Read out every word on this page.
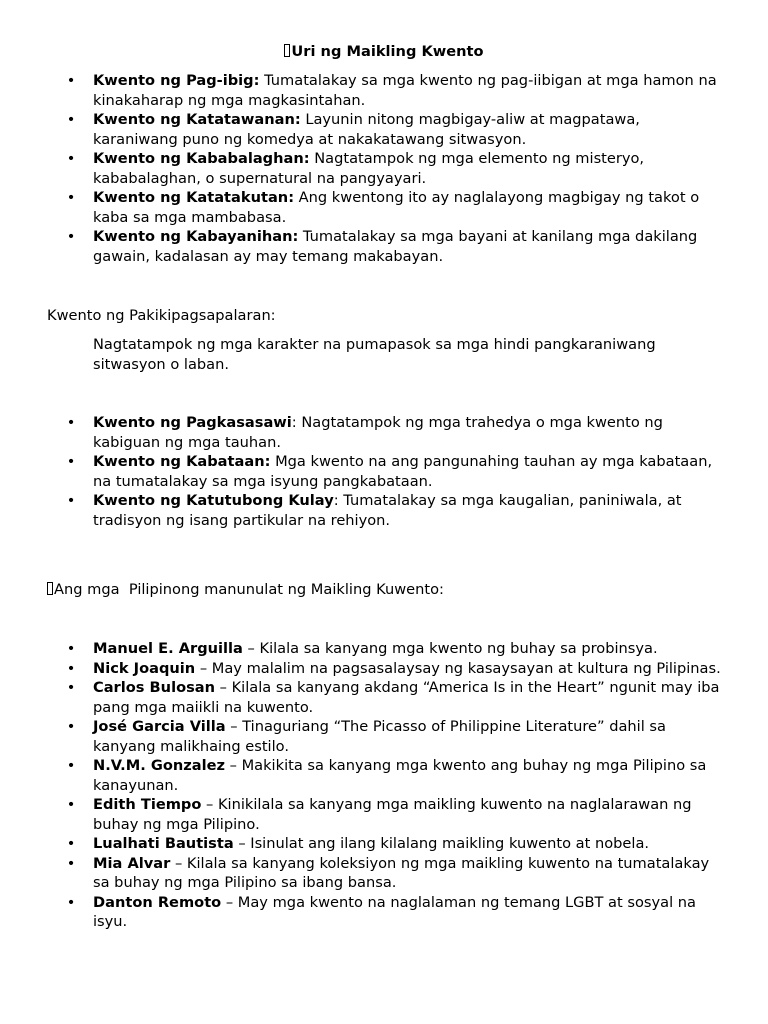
Uri ng Maikling Kwento
• Kwento ng Pag-ibig: Tumatalakay sa mga kwento ng pag-iibigan at mga hamon na kinakaharap ng mga magkasintahan.
• Kwento ng Katatawanan: Layunin nitong magbigay-aliw at magpatawa, karaniwang puno ng komedya at nakakatawang sitwasyon.
• Kwento ng Kababalaghan: Nagtatampok ng mga elemento ng misteryo, kababalaghan, o supernatural na pangyayari.
• Kwento ng Katatakutan: Ang kwentong ito ay naglalayong magbigay ng takot o kaba sa mga mambabasa.
• Kwento ng Kabayanihan: Tumatalakay sa mga bayani at kanilang mga dakilang gawain, kadalasan ay may temang makabayan.
Kwento ng Pakikipagsapalaran:
Nagtatampok ng mga karakter na pumapasok sa mga hindi pangkaraniwang sitwasyon o laban.
• Kwento ng Pagkasasawi: Nagtatampok ng mga trahedya o mga kwento ng kabiguan ng mga tauhan.
• Kwento ng Kabataan: Mga kwento na ang pangunahing tauhan ay mga kabataan, na tumatalakay sa mga isyung pangkabataan.
• Kwento ng Katutubong Kulay: Tumatalakay sa mga kaugalian, paniniwala, at tradisyon ng isang partikular na rehiyon.
Ang mga  Pilipinong manunulat ng Maikling Kuwento:
• Manuel E. Arguilla – Kilala sa kanyang mga kwento ng buhay sa probinsya.
• Nick Joaquin – May malalim na pagsasalaysay ng kasaysayan at kultura ng Pilipinas.
• Carlos Bulosan – Kilala sa kanyang akdang “America Is in the Heart” ngunit may iba pang mga maiikli na kuwento.
• José Garcia Villa – Tinaguriang “The Picasso of Philippine Literature” dahil sa kanyang malikhaing estilo.
• N.V.M. Gonzalez – Makikita sa kanyang mga kwento ang buhay ng mga Pilipino sa kanayunan.
• Edith Tiempo – Kinikilala sa kanyang mga maikling kuwento na naglalarawan ng buhay ng mga Pilipino.
• Lualhati Bautista – Isinulat ang ilang kilalang maikling kuwento at nobela.
• Mia Alvar – Kilala sa kanyang koleksiyon ng mga maikling kuwento na tumatalakay sa buhay ng mga Pilipino sa ibang bansa.
• Danton Remoto – May mga kwento na naglalaman ng temang LGBT at sosyal na isyu.
